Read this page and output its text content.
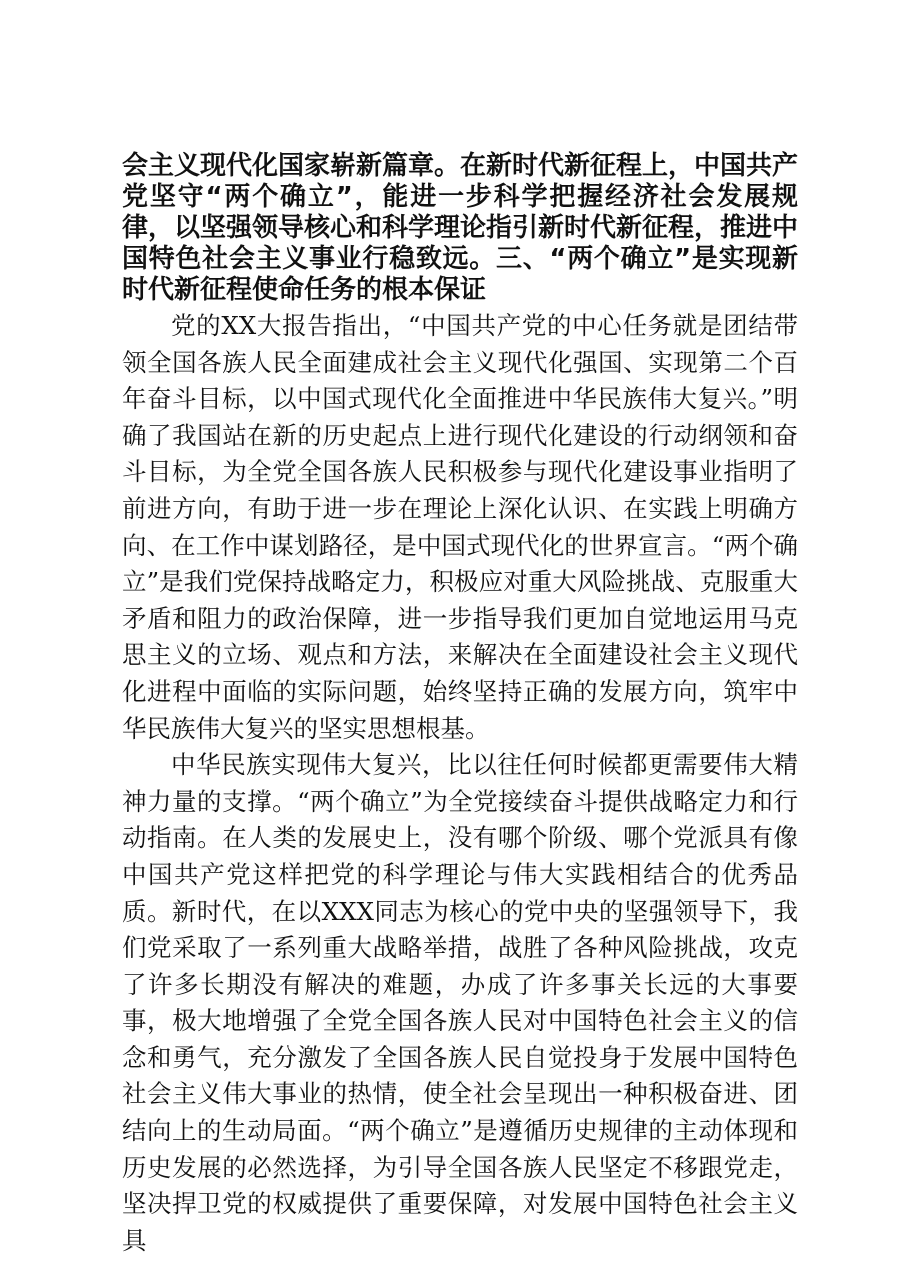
会主义现代化国家崭新篇章。在新时代新征程上，中国共产党坚守“两个确立”，能进一步科学把握经济社会发展规律，以坚强领导核心和科学理论指引新时代新征程，推进中国特色社会主义事业行稳致远。三、“两个确立”是实现新时代新征程使命任务的根本保证

党的XX大报告指出，“中国共产党的中心任务就是团结带领全国各族人民全面建成社会主义现代化强国、实现第二个百年奋斗目标，以中国式现代化全面推进中华民族伟大复兴。”明确了我国站在新的历史起点上进行现代化建设的行动纲领和奋斗目标，为全党全国各族人民积极参与现代化建设事业指明了前进方向，有助于进一步在理论上深化认识、在实践上明确方向、在工作中谋划路径，是中国式现代化的世界宣言。“两个确立”是我们党保持战略定力，积极应对重大风险挑战、克服重大矛盾和阻力的政治保障，进一步指导我们更加自觉地运用马克思主义的立场、观点和方法，来解决在全面建设社会主义现代化进程中面临的实际问题，始终坚持正确的发展方向，筑牢中华民族伟大复兴的坚实思想根基。

中华民族实现伟大复兴，比以往任何时候都更需要伟大精神力量的支撑。“两个确立”为全党接续奋斗提供战略定力和行动指南。在人类的发展史上，没有哪个阶级、哪个党派具有像中国共产党这样把党的科学理论与伟大实践相结合的优秀品质。新时代，在以XXX同志为核心的党中央的坚强领导下，我们党采取了一系列重大战略举措，战胜了各种风险挑战，攻克了许多长期没有解决的难题，办成了许多事关长远的大事要事，极大地增强了全党全国各族人民对中国特色社会主义的信念和勇气，充分激发了全国各族人民自觉投身于发展中国特色社会主义伟大事业的热情，使全社会呈现出一种积极奋进、团结向上的生动局面。“两个确立”是遵循历史规律的主动体现和历史发展的必然选择，为引导全国各族人民坚定不移跟党走，坚决捍卫党的权威提供了重要保障，对发展中国特色社会主义具
